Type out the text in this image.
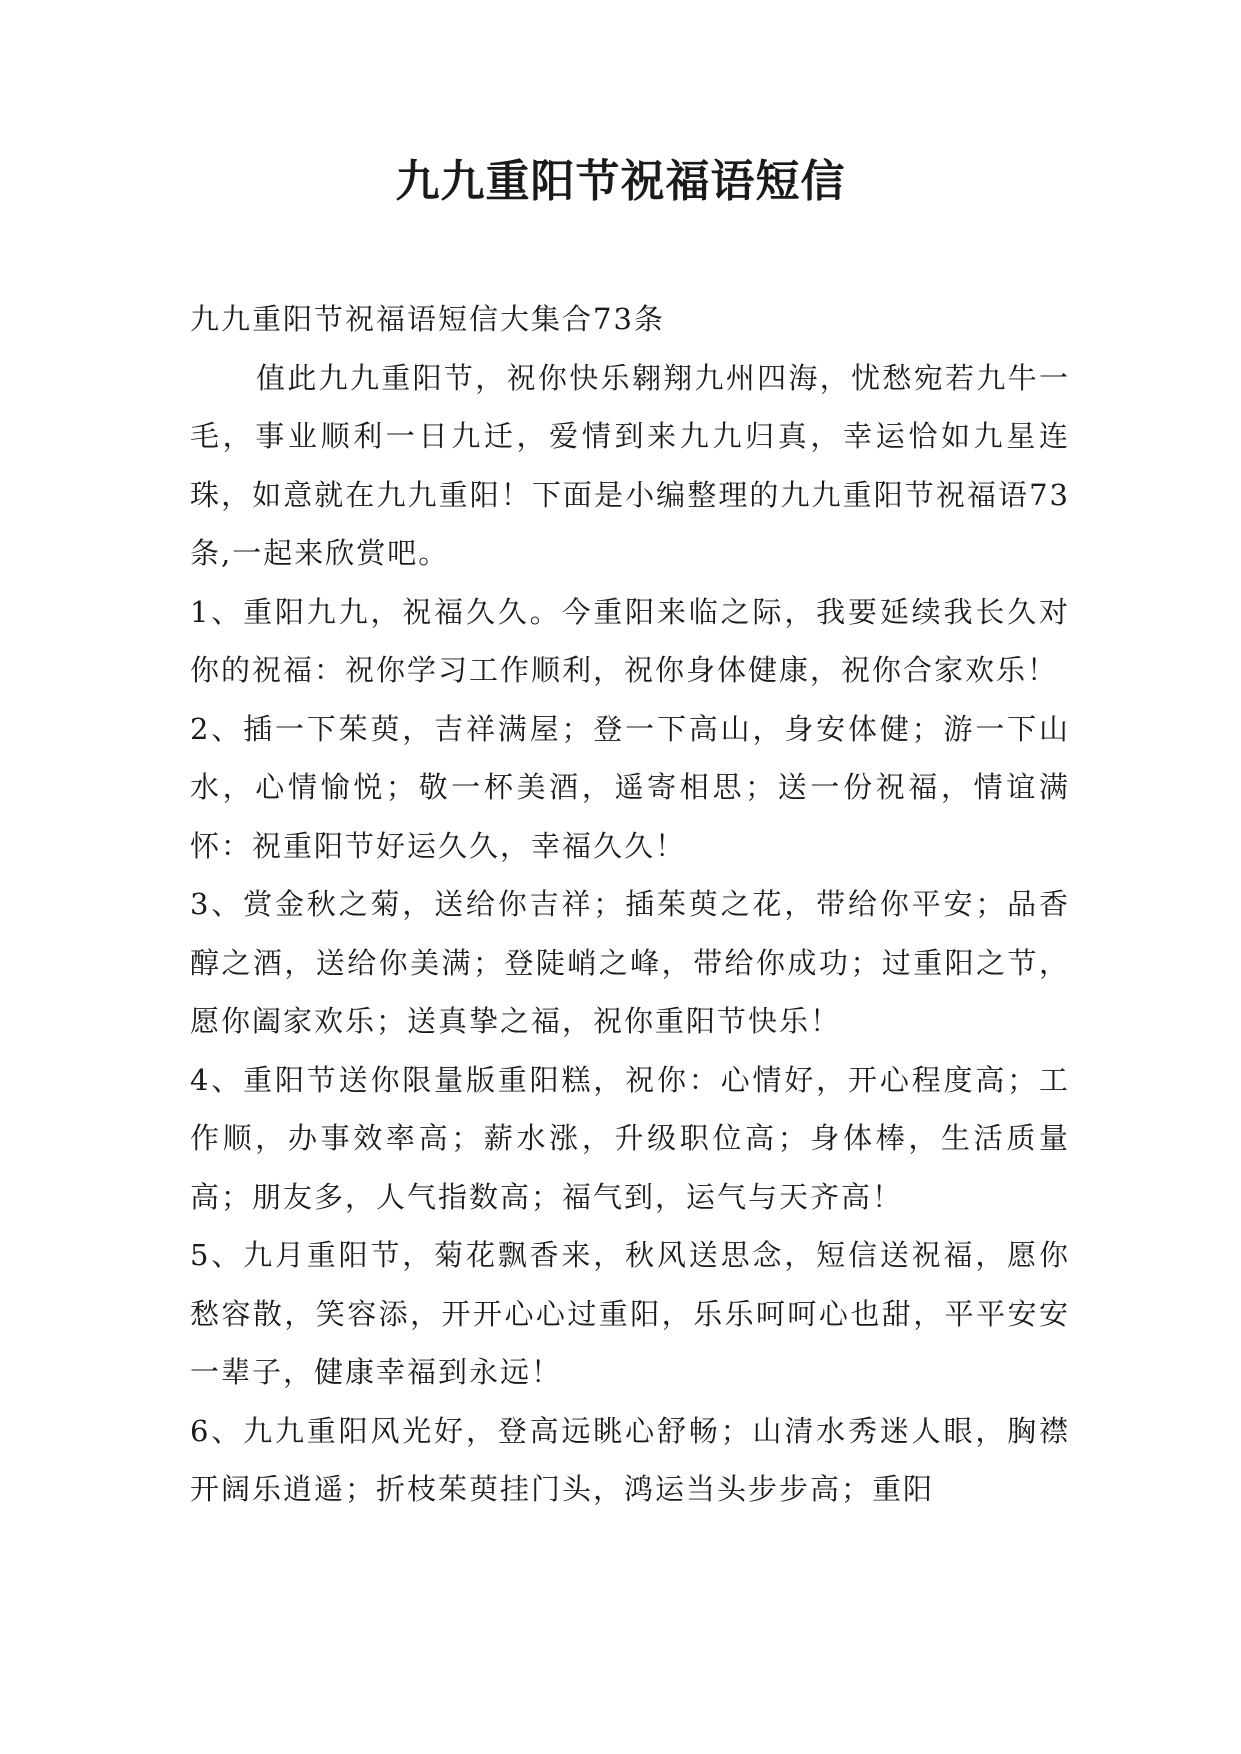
九九重阳节祝福语短信

九九重阳节祝福语短信大集合73条

值此九九重阳节，祝你快乐翱翔九州四海，忧愁宛若九牛一毛，事业顺利一日九迁，爱情到来九九归真，幸运恰如九星连珠，如意就在九九重阳！下面是小编整理的九九重阳节祝福语73条,一起来欣赏吧。

1、重阳九九，祝福久久。今重阳来临之际，我要延续我长久对你的祝福：祝你学习工作顺利，祝你身体健康，祝你合家欢乐！

2、插一下茱萸，吉祥满屋；登一下高山，身安体健；游一下山水，心情愉悦；敬一杯美酒，遥寄相思；送一份祝福，情谊满怀：祝重阳节好运久久，幸福久久！

3、赏金秋之菊，送给你吉祥；插茱萸之花，带给你平安；品香醇之酒，送给你美满；登陡峭之峰，带给你成功；过重阳之节，愿你阖家欢乐；送真挚之福，祝你重阳节快乐！

4、重阳节送你限量版重阳糕，祝你：心情好，开心程度高；工作顺，办事效率高；薪水涨，升级职位高；身体棒，生活质量高；朋友多，人气指数高；福气到，运气与天齐高！

5、九月重阳节，菊花飘香来，秋风送思念，短信送祝福，愿你愁容散，笑容添，开开心心过重阳，乐乐呵呵心也甜，平平安安一辈子，健康幸福到永远！

6、九九重阳风光好，登高远眺心舒畅；山清水秀迷人眼，胸襟开阔乐逍遥；折枝茱萸挂门头，鸿运当头步步高；重阳
